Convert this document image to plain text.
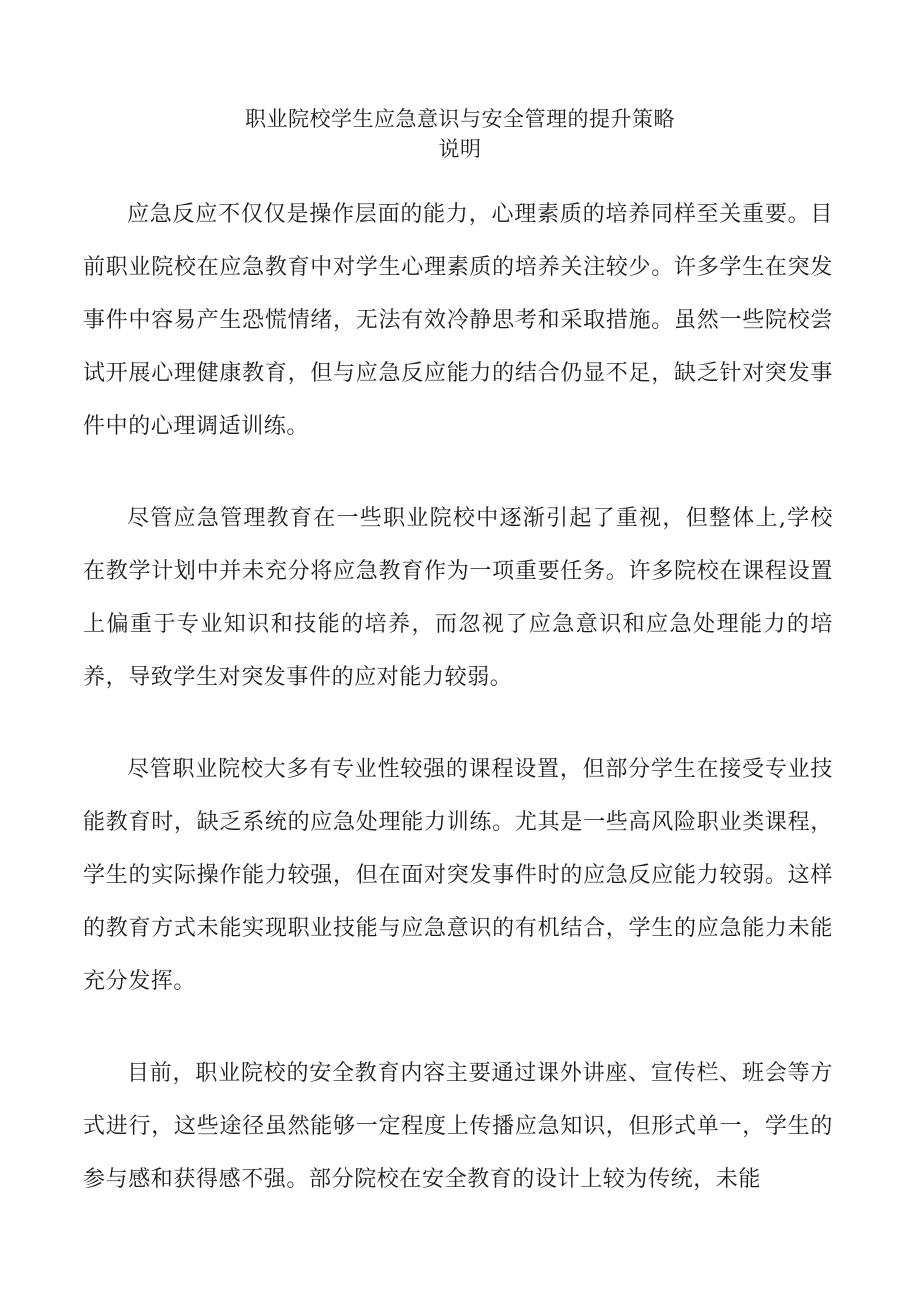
职业院校学生应急意识与安全管理的提升策略
说明

应急反应不仅仅是操作层面的能力，心理素质的培养同样至关重要。目前职业院校在应急教育中对学生心理素质的培养关注较少。许多学生在突发事件中容易产生恐慌情绪，无法有效冷静思考和采取措施。虽然一些院校尝试开展心理健康教育，但与应急反应能力的结合仍显不足，缺乏针对突发事件中的心理调适训练。

尽管应急管理教育在一些职业院校中逐渐引起了重视，但整体上,学校在教学计划中并未充分将应急教育作为一项重要任务。许多院校在课程设置上偏重于专业知识和技能的培养，而忽视了应急意识和应急处理能力的培养，导致学生对突发事件的应对能力较弱。

尽管职业院校大多有专业性较强的课程设置，但部分学生在接受专业技能教育时，缺乏系统的应急处理能力训练。尤其是一些高风险职业类课程，学生的实际操作能力较强，但在面对突发事件时的应急反应能力较弱。这样的教育方式未能实现职业技能与应急意识的有机结合，学生的应急能力未能充分发挥。

目前，职业院校的安全教育内容主要通过课外讲座、宣传栏、班会等方式进行，这些途径虽然能够一定程度上传播应急知识，但形式单一，学生的参与感和获得感不强。部分院校在安全教育的设计上较为传统，未能
